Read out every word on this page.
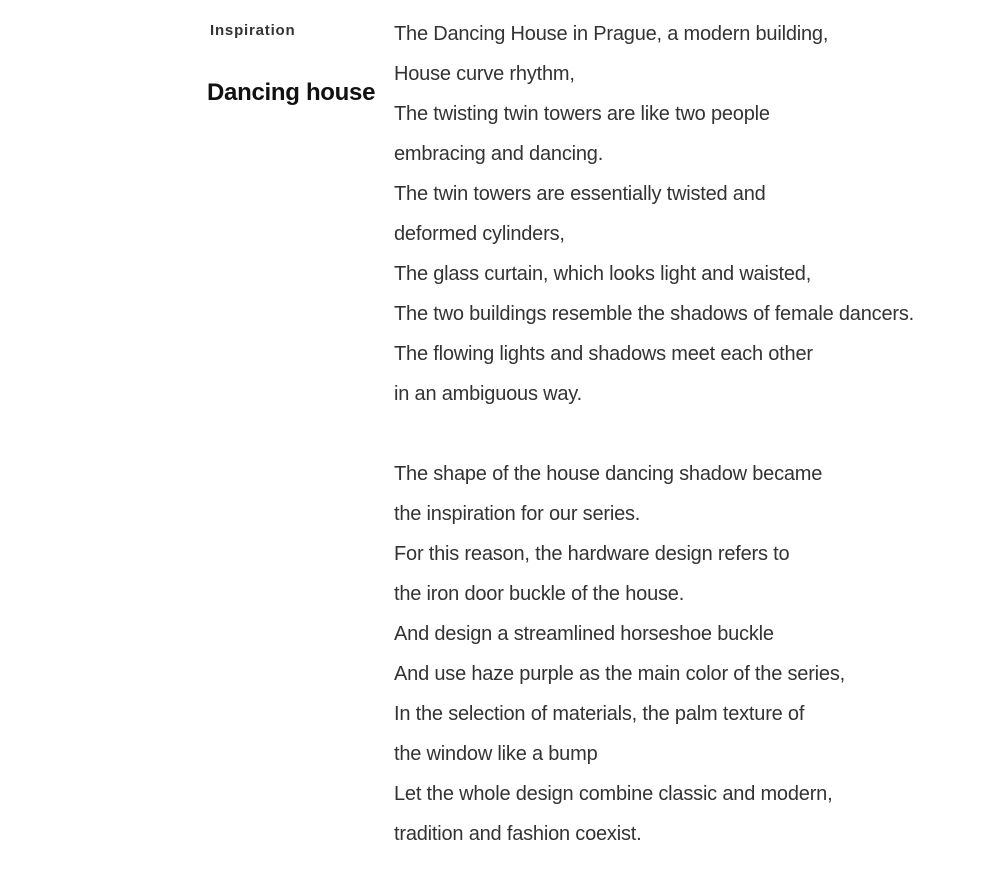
Inspiration
Dancing house

The Dancing House in Prague, a modern building,
House curve rhythm,
The twisting twin towers are like two people
embracing and dancing.
The twin towers are essentially twisted and
deformed cylinders,
The glass curtain, which looks light and waisted,
The two buildings resemble the shadows of female dancers.
The flowing lights and shadows meet each other
in an ambiguous way.

The shape of the house dancing shadow became
the inspiration for our series.
For this reason, the hardware design refers to
the iron door buckle of the house.
And design a streamlined horseshoe buckle
And use haze purple as the main color of the series,
In the selection of materials, the palm texture of
the window like a bump
Let the whole design combine classic and modern,
tradition and fashion coexist.
